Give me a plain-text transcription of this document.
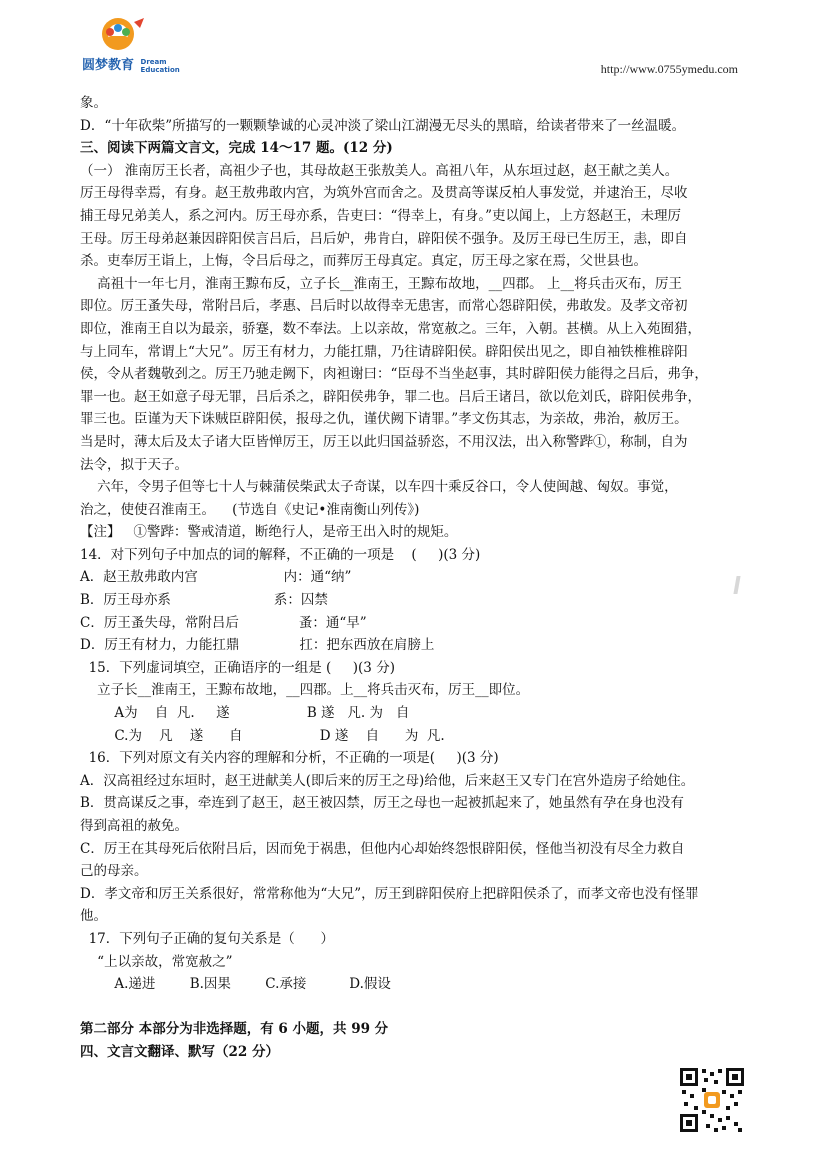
圆梦教育 Dream
Education	http://www.0755ymedu.com

象。

D．“十年砍柴”所描写的一颗颗挚诚的心灵冲淡了梁山江湖漫无尽头的黑暗，给读者带来了一丝温暖。

三、阅读下两篇文言文，完成 14～17 题。(12 分)

（一） 淮南厉王长者，高祖少子也，其母故赵王张敖美人。高祖八年，从东垣过赵，赵王献之美人。

厉王母得幸焉，有身。赵王敖弗敢内宫，为筑外宫而舍之。及贯高等谋反柏人事发觉，并逮治王，尽收

捕王母兄弟美人，系之河内。厉王母亦系，告吏曰：“得幸上，有身。”吏以闻上，上方怒赵王，未理厉

王母。厉王母弟赵兼因辟阳侯言吕后，吕后妒，弗肯白，辟阳侯不强争。及厉王母已生厉王，恚，即自

杀。吏奉厉王诣上，上悔，令吕后母之，而葬厉王母真定。真定，厉王母之家在焉，父世县也。

高祖十一年七月，淮南王黥布反，立子长__淮南王，王黥布故地，__四郡。 上__将兵击灭布，厉王

即位。厉王蚤失母，常附吕后，孝惠、吕后时以故得幸无患害，而常心怨辟阳侯，弗敢发。及孝文帝初

即位，淮南王自以为最亲，骄蹇，数不奉法。上以亲故，常宽赦之。三年，入朝。甚横。从上入苑囿猎，

与上同车，常谓上“大兄”。厉王有材力，力能扛鼎，乃往请辟阳侯。辟阳侯出见之，即自袖铁椎椎辟阳

侯，令从者魏敬刭之。厉王乃驰走阙下，肉袒谢曰：“臣母不当坐赵事，其时辟阳侯力能得之吕后，弗争，

罪一也。赵王如意子母无罪，吕后杀之，辟阳侯弗争，罪二也。吕后王诸吕，欲以危刘氏，辟阳侯弗争，

罪三也。臣谨为天下诛贼臣辟阳侯，报母之仇，谨伏阙下请罪。”孝文伤其志，为亲故，弗治，赦厉王。

当是时，薄太后及太子诸大臣皆惮厉王，厉王以此归国益骄恣，不用汉法，出入称警跸①，称制，自为

法令，拟于天子。

六年，令男子但等七十人与棘蒲侯柴武太子奇谋，以车四十乘反谷口，令人使闽越、匈奴。事觉，

治之，使使召淮南王。    (节选自《史记•淮南衡山列传》)

【注】   ①警跸：警戒清道，断绝行人，是帝王出入时的规矩。

14．对下列句子中加点的词的解释，不正确的一项是    (     )(3 分)

A．赵王敖弗敢内宫                    内：通“纳”

B．厉王母亦系                        系：囚禁

C．厉王蚤失母，常附吕后              蚤：通“早”

D．厉王有材力，力能扛鼎              扛：把东西放在肩膀上

15．下列虚词填空，正确语序的一组是 (     )(3 分)

立子长__淮南王，王黥布故地，__四郡。上__将兵击灭布，厉王__即位。

A为    自  凡.     遂                  B 遂   凡. 为   自

C.为    凡    遂      自                  D 遂    自      为  凡.

16．下列对原文有关内容的理解和分析，不正确的一项是(     )(3 分)

A．汉高祖经过东垣时，赵王进献美人(即后来的厉王之母)给他，后来赵王又专门在宫外造房子给她住。

B．贯高谋反之事，牵连到了赵王，赵王被囚禁，厉王之母也一起被抓起来了，她虽然有孕在身也没有

得到高祖的赦免。

C．厉王在其母死后依附吕后，因而免于祸患，但他内心却始终怨恨辟阳侯，怪他当初没有尽全力救自

己的母亲。

D．孝文帝和厉王关系很好，常常称他为“大兄”，厉王到辟阳侯府上把辟阳侯杀了，而孝文帝也没有怪罪

他。

17．下列句子正确的复句关系是（      ）

“上以亲故，常宽赦之”

A.递进        B.因果        C.承接          D.假设

第二部分 本部分为非选择题，有 6 小题，共 99 分

四、文言文翻译、默写（22 分）
